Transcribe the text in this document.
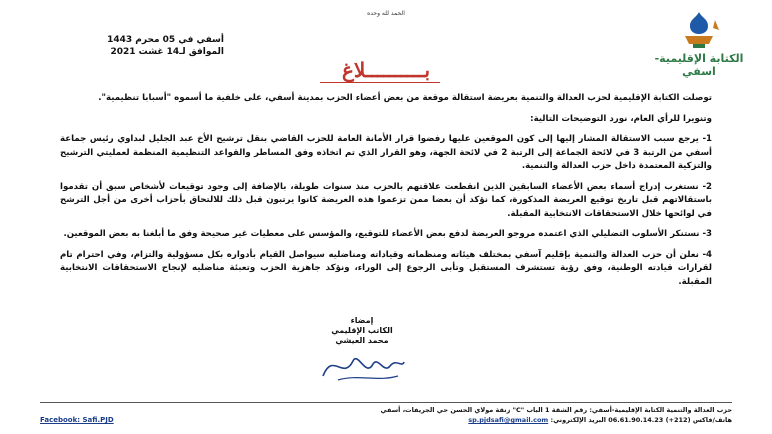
الحمد لله وحده
الكتابة الإقليمية-اسفي
أسفي في 05 محرم 1443
الموافق لـ14 غشت 2021
بــــــــــلاغ

توصلت الكتابة الإقليمية لحزب العدالة والتنمية بعريضة استقالة موقعة من بعض أعضاء الحزب بمدينة أسفي، على خلفية ما أسموه "أسبابا تنظيمية".

وتنويرا للرأي العام، نورد التوضيحات التالية:

1- يرجع سبب الاستقالة المشار إليها إلى كون الموقعين عليها رفضوا قرار الأمانة العامة للحزب القاضي بنقل ترشيح الأخ عبد الجليل لبداوي رئيس جماعة أسفي من الرتبة 3 في لائحة الجماعة إلى الرتبة 2 في لائحة الجهة، وهو القرار الذي تم اتخاذه وفق المساطر والقواعد التنظيمية المنظمة لعمليتي الترشيح والتزكية المعتمدة داخل حزب العدالة والتنمية.

2- نستغرب إدراج أسماء بعض الأعضاء السابقين الذين انقطعت علاقتهم بالحزب منذ سنوات طويلة، بالإضافة إلى وجود توقيعات لأشخاص سبق أن تقدموا باستقالاتهم قبل تاريخ توقيع العريضة المذكورة، كما نؤكد أن بعضا ممن تزعموا هذه العريضة كانوا يرتبون قبل ذلك للالتحاق بأحزاب أخرى من أجل الترشح في لوائحها خلال الاستحقاقات الانتخابية المقبلة.

3- نستنكر الأسلوب التضليلي الذي اعتمده مروجو العريضة لدفع بعض الأعضاء للتوقيع، والمؤسس على معطيات غير صحيحة وفق ما أبلغنا به بعض الموقعين.

4- نعلن أن حزب العدالة والتنمية بإقليم آسفي بمختلف هيئاته ومنظماته وقياداته ومناضليه سيواصل القيام بأدواره بكل مسؤولية والتزام، وفي احترام تام لقرارات قيادته الوطنية، وفق رؤية تستشرف المستقبل وتأبى الرجوع إلى الوراء، ونؤكد جاهزية الحزب وتعبئة مناضليه لإنجاح الاستحقاقات الانتخابية المقبلة.

إمضاء
الكاتب الإقليمي
محمد العيشي
حزب العدالة والتنمية الكتابة الإقليمية-أسفي: رقم الشقة 1 الباب "C" زنقة مولاي الحسن حي الجريفات، أسفي
هاتف/فاكس (212+) 06.61.90.14.23 البريد الإلكتروني: sp.pjdsafi@gmail.com
Facebook: Safi.PJD
